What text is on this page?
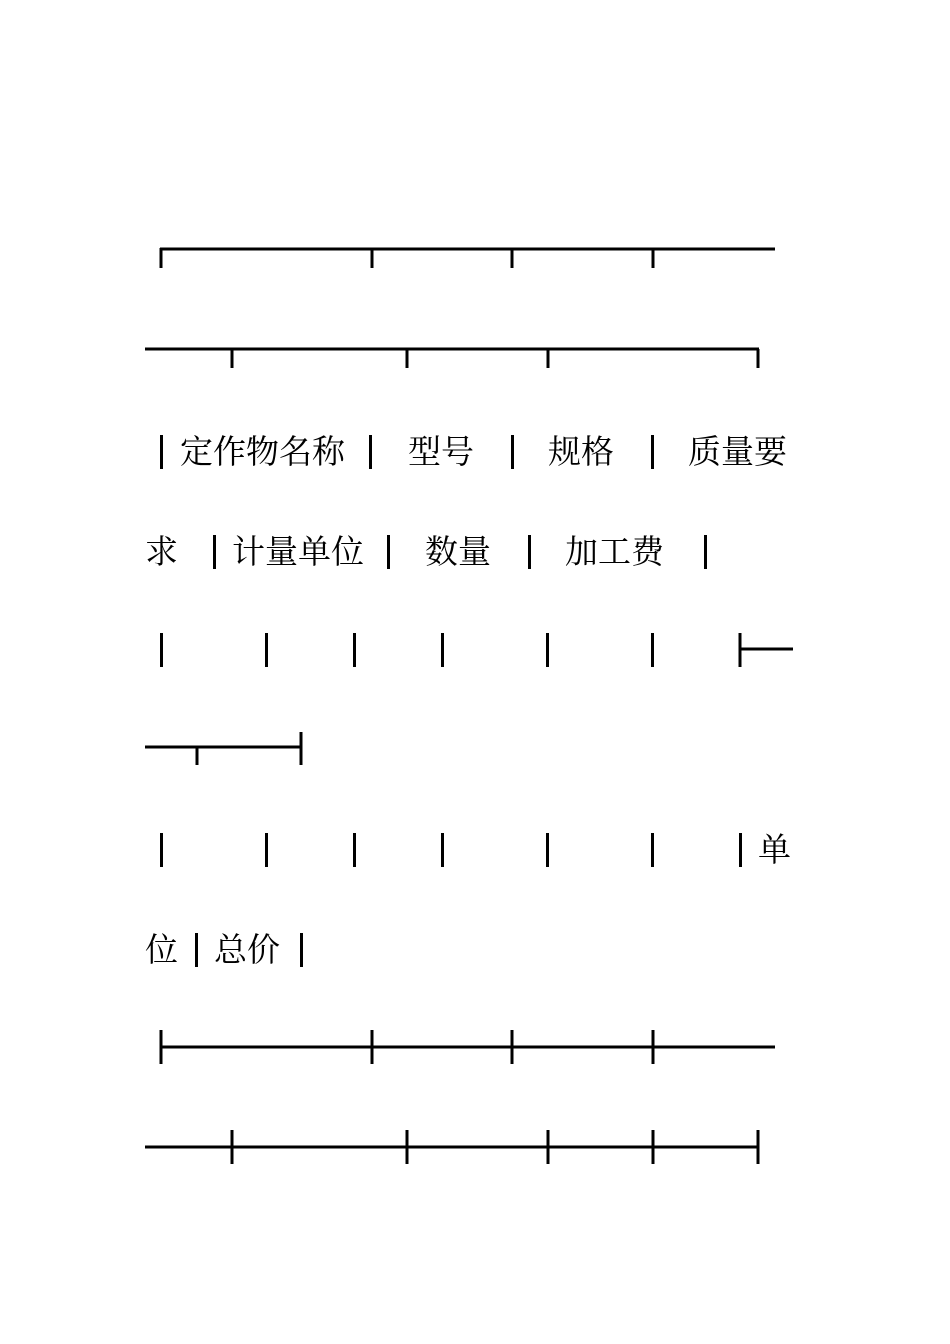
定作物名称 型号 规格 质量要
求 计量单位 数量 加工费
单
位 总价
